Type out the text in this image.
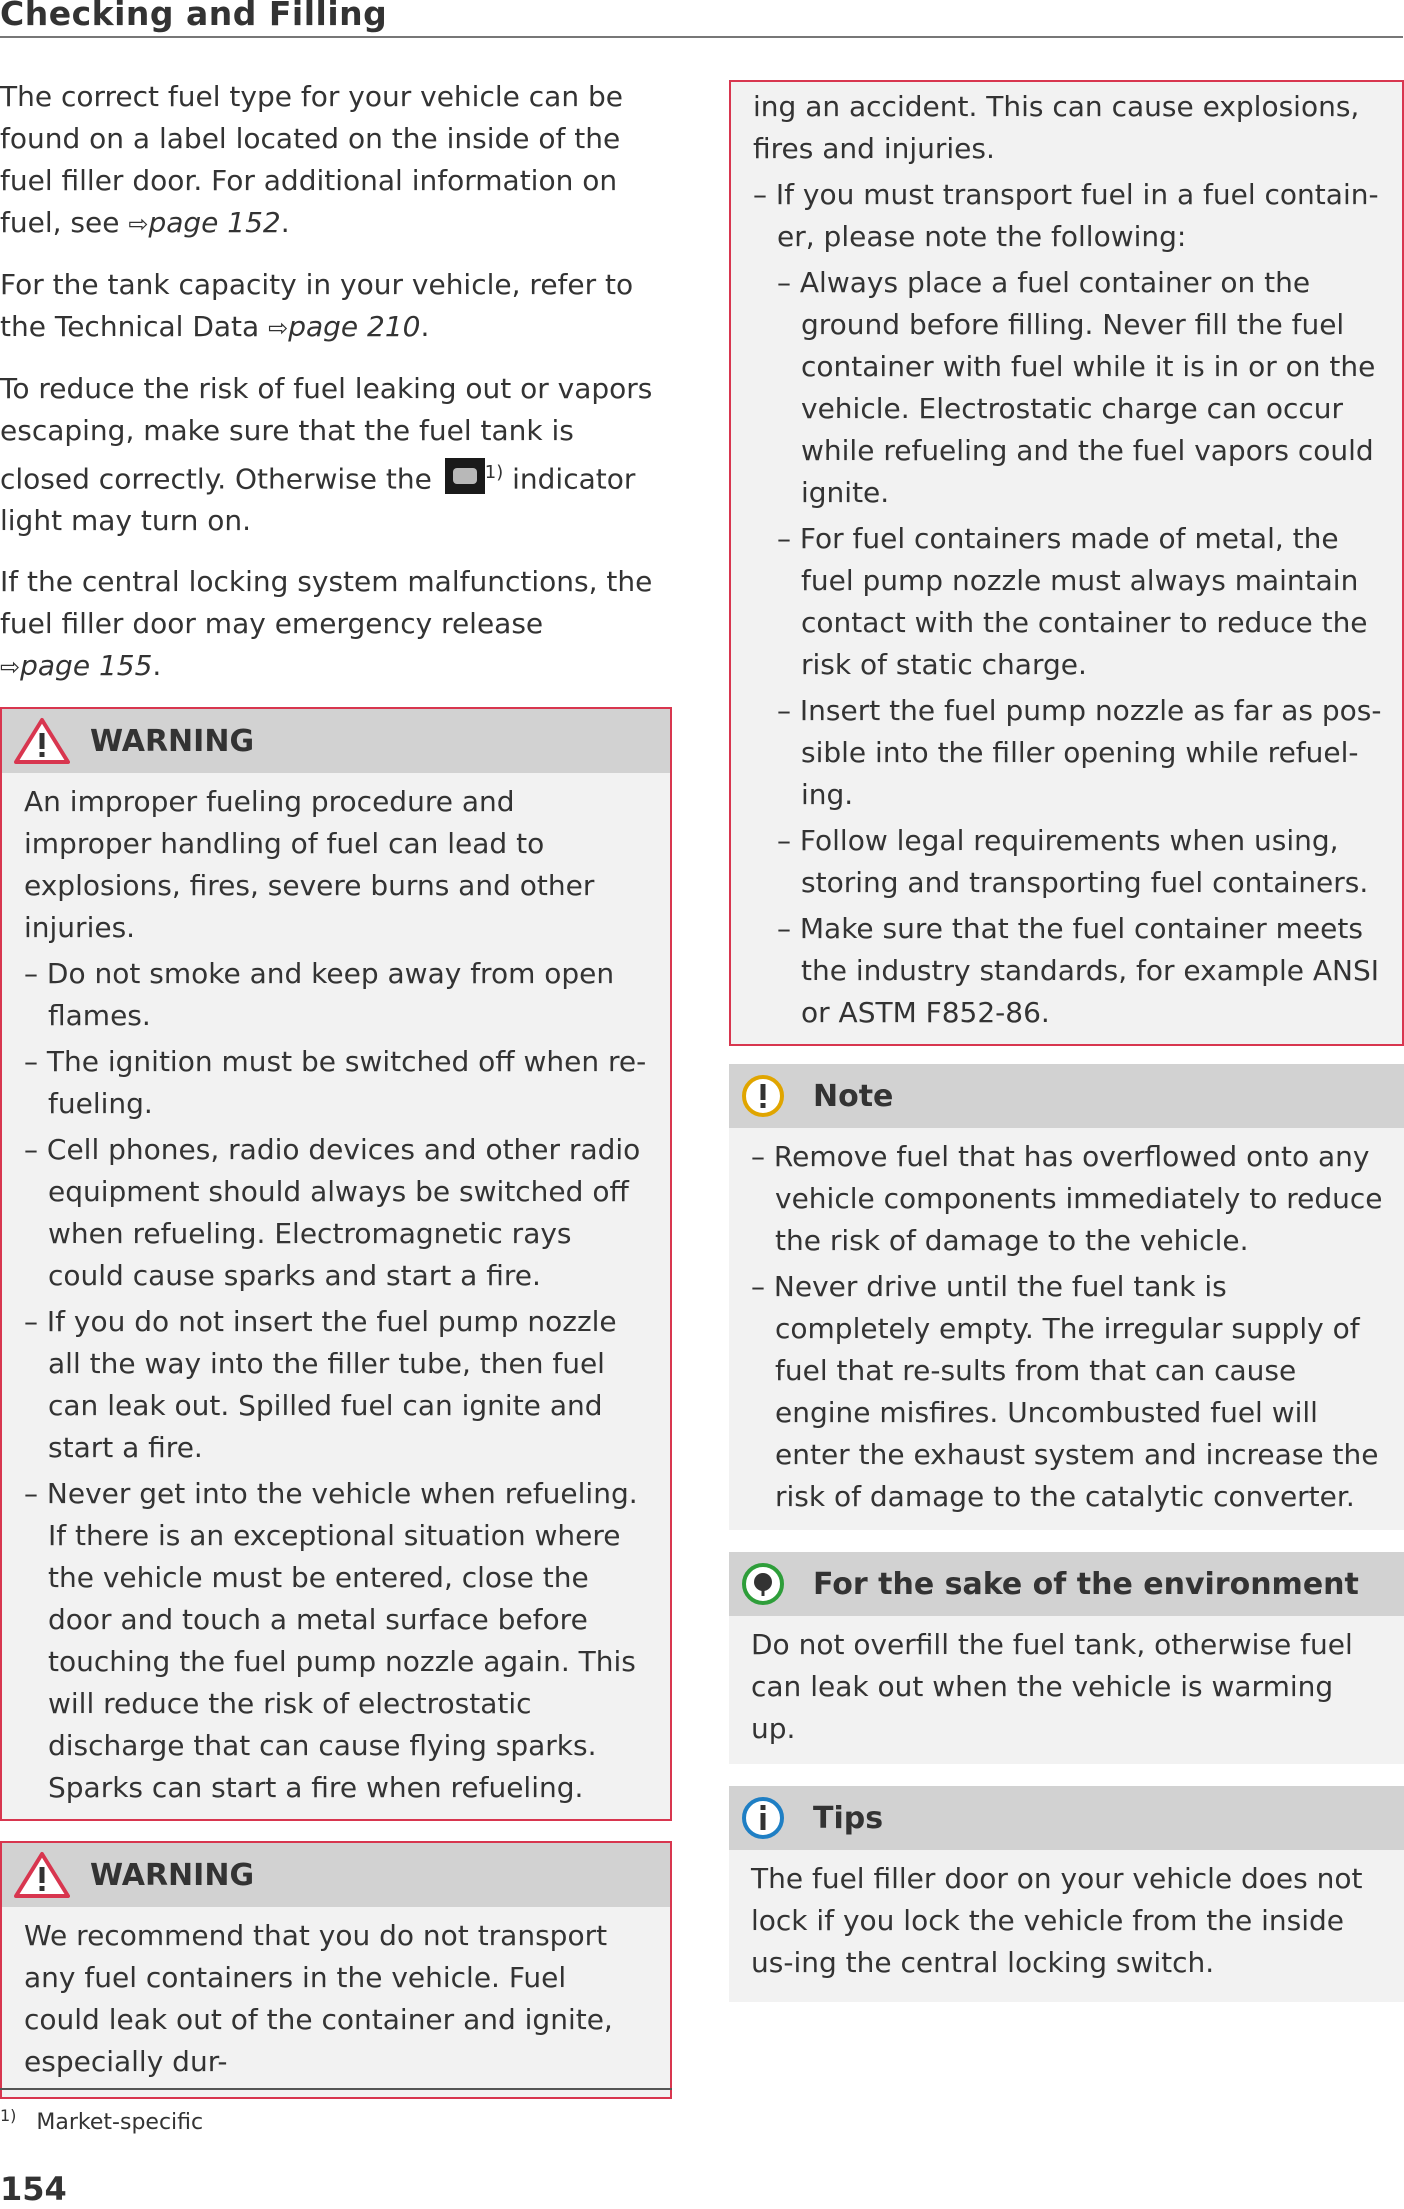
Checking and Filling

The correct fuel type for your vehicle can be found on a label located on the inside of the fuel filler door. For additional information on fuel, see ⇨page 152.

For the tank capacity in your vehicle, refer to the Technical Data ⇨page 210.

To reduce the risk of fuel leaking out or vapors escaping, make sure that the fuel tank is closed correctly. Otherwise the $^{1)}$ indicator light may turn on.

If the central locking system malfunctions, the fuel filler door may emergency release ⇨page 155.

WARNING

An improper fueling procedure and improper handling of fuel can lead to explosions, fires, severe burns and other injuries.

– Do not smoke and keep away from open flames.
– The ignition must be switched off when re-fueling.
– Cell phones, radio devices and other radio equipment should always be switched off when refueling. Electromagnetic rays could cause sparks and start a fire.
– If you do not insert the fuel pump nozzle all the way into the filler tube, then fuel can leak out. Spilled fuel can ignite and start a fire.
– Never get into the vehicle when refueling. If there is an exceptional situation where the vehicle must be entered, close the door and touch a metal surface before touching the fuel pump nozzle again. This will reduce the risk of electrostatic discharge that can cause flying sparks. Sparks can start a fire when refueling.
WARNING

We recommend that you do not transport any fuel containers in the vehicle. Fuel could leak out of the container and ignite, especially dur-

ing an accident. This can cause explosions, fires and injuries.

– If you must transport fuel in a fuel contain-er, please note the following:
– Always place a fuel container on the ground before filling. Never fill the fuel container with fuel while it is in or on the vehicle. Electrostatic charge can occur while refueling and the fuel vapors could ignite.
– For fuel containers made of metal, the fuel pump nozzle must always maintain contact with the container to reduce the risk of static charge.
– Insert the fuel pump nozzle as far as pos-sible into the filler opening while refuel-ing.
– Follow legal requirements when using, storing and transporting fuel containers.
– Make sure that the fuel container meets the industry standards, for example ANSI or ASTM F852-86.
Note
– Remove fuel that has overflowed onto any vehicle components immediately to reduce the risk of damage to the vehicle.
– Never drive until the fuel tank is completely empty. The irregular supply of fuel that re-sults from that can cause engine misfires. Uncombusted fuel will enter the exhaust system and increase the risk of damage to the catalytic converter.
For the sake of the environment

Do not overfill the fuel tank, otherwise fuel can leak out when the vehicle is warming up.

Tips

The fuel filler door on your vehicle does not lock if you lock the vehicle from the inside us-ing the central locking switch.

$^{1)}$ Market-specific
154
